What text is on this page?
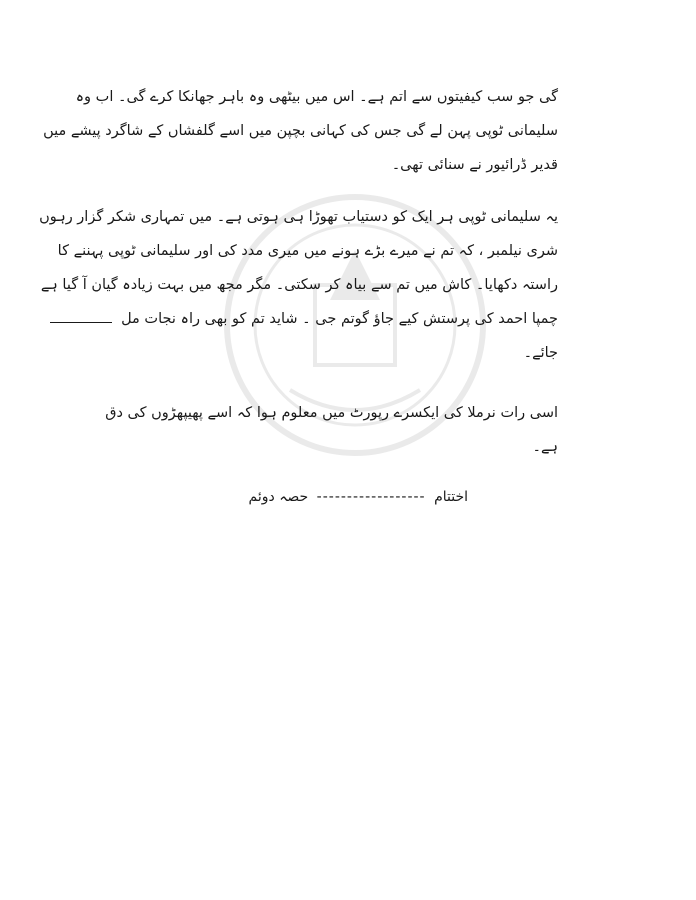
گی جو سب کیفیتوں سے اتم ہے۔ اس میں بیٹھی وہ باہر جھانکا کرے گی۔ اب وہ
سلیمانی ٹوپی پہن لے گی جس کی کہانی بچپن میں اسے گلفشاں کے شاگرد پیشے میں
قدیر ڈرائیور نے سنائی تھی۔
یہ سلیمانی ٹوپی ہر ایک کو دستیاب تھوڑا ہی ہوتی ہے۔ میں تمہاری شکر گزار رہوں
شری نیلمبر ، کہ تم نے میرے بڑے ہونے میں میری مدد کی اور سلیمانی ٹوپی پہننے کا
راستہ دکھایا۔ کاش میں تم سے بیاہ کر سکتی۔ مگر مجھ میں بہت زیادہ گیان آ گیا ہے
چمپا احمد کی پرستش کیے جاؤ گوتم جی ۔ شاید تم کو بھی راہ نجات مل
جائے۔
اسی رات نرملا کی ایکسرے رپورٹ میں معلوم ہوا کہ اسے پھیپھڑوں کی دق
ہے۔
اختتام ------------------ حصہ دوئم
